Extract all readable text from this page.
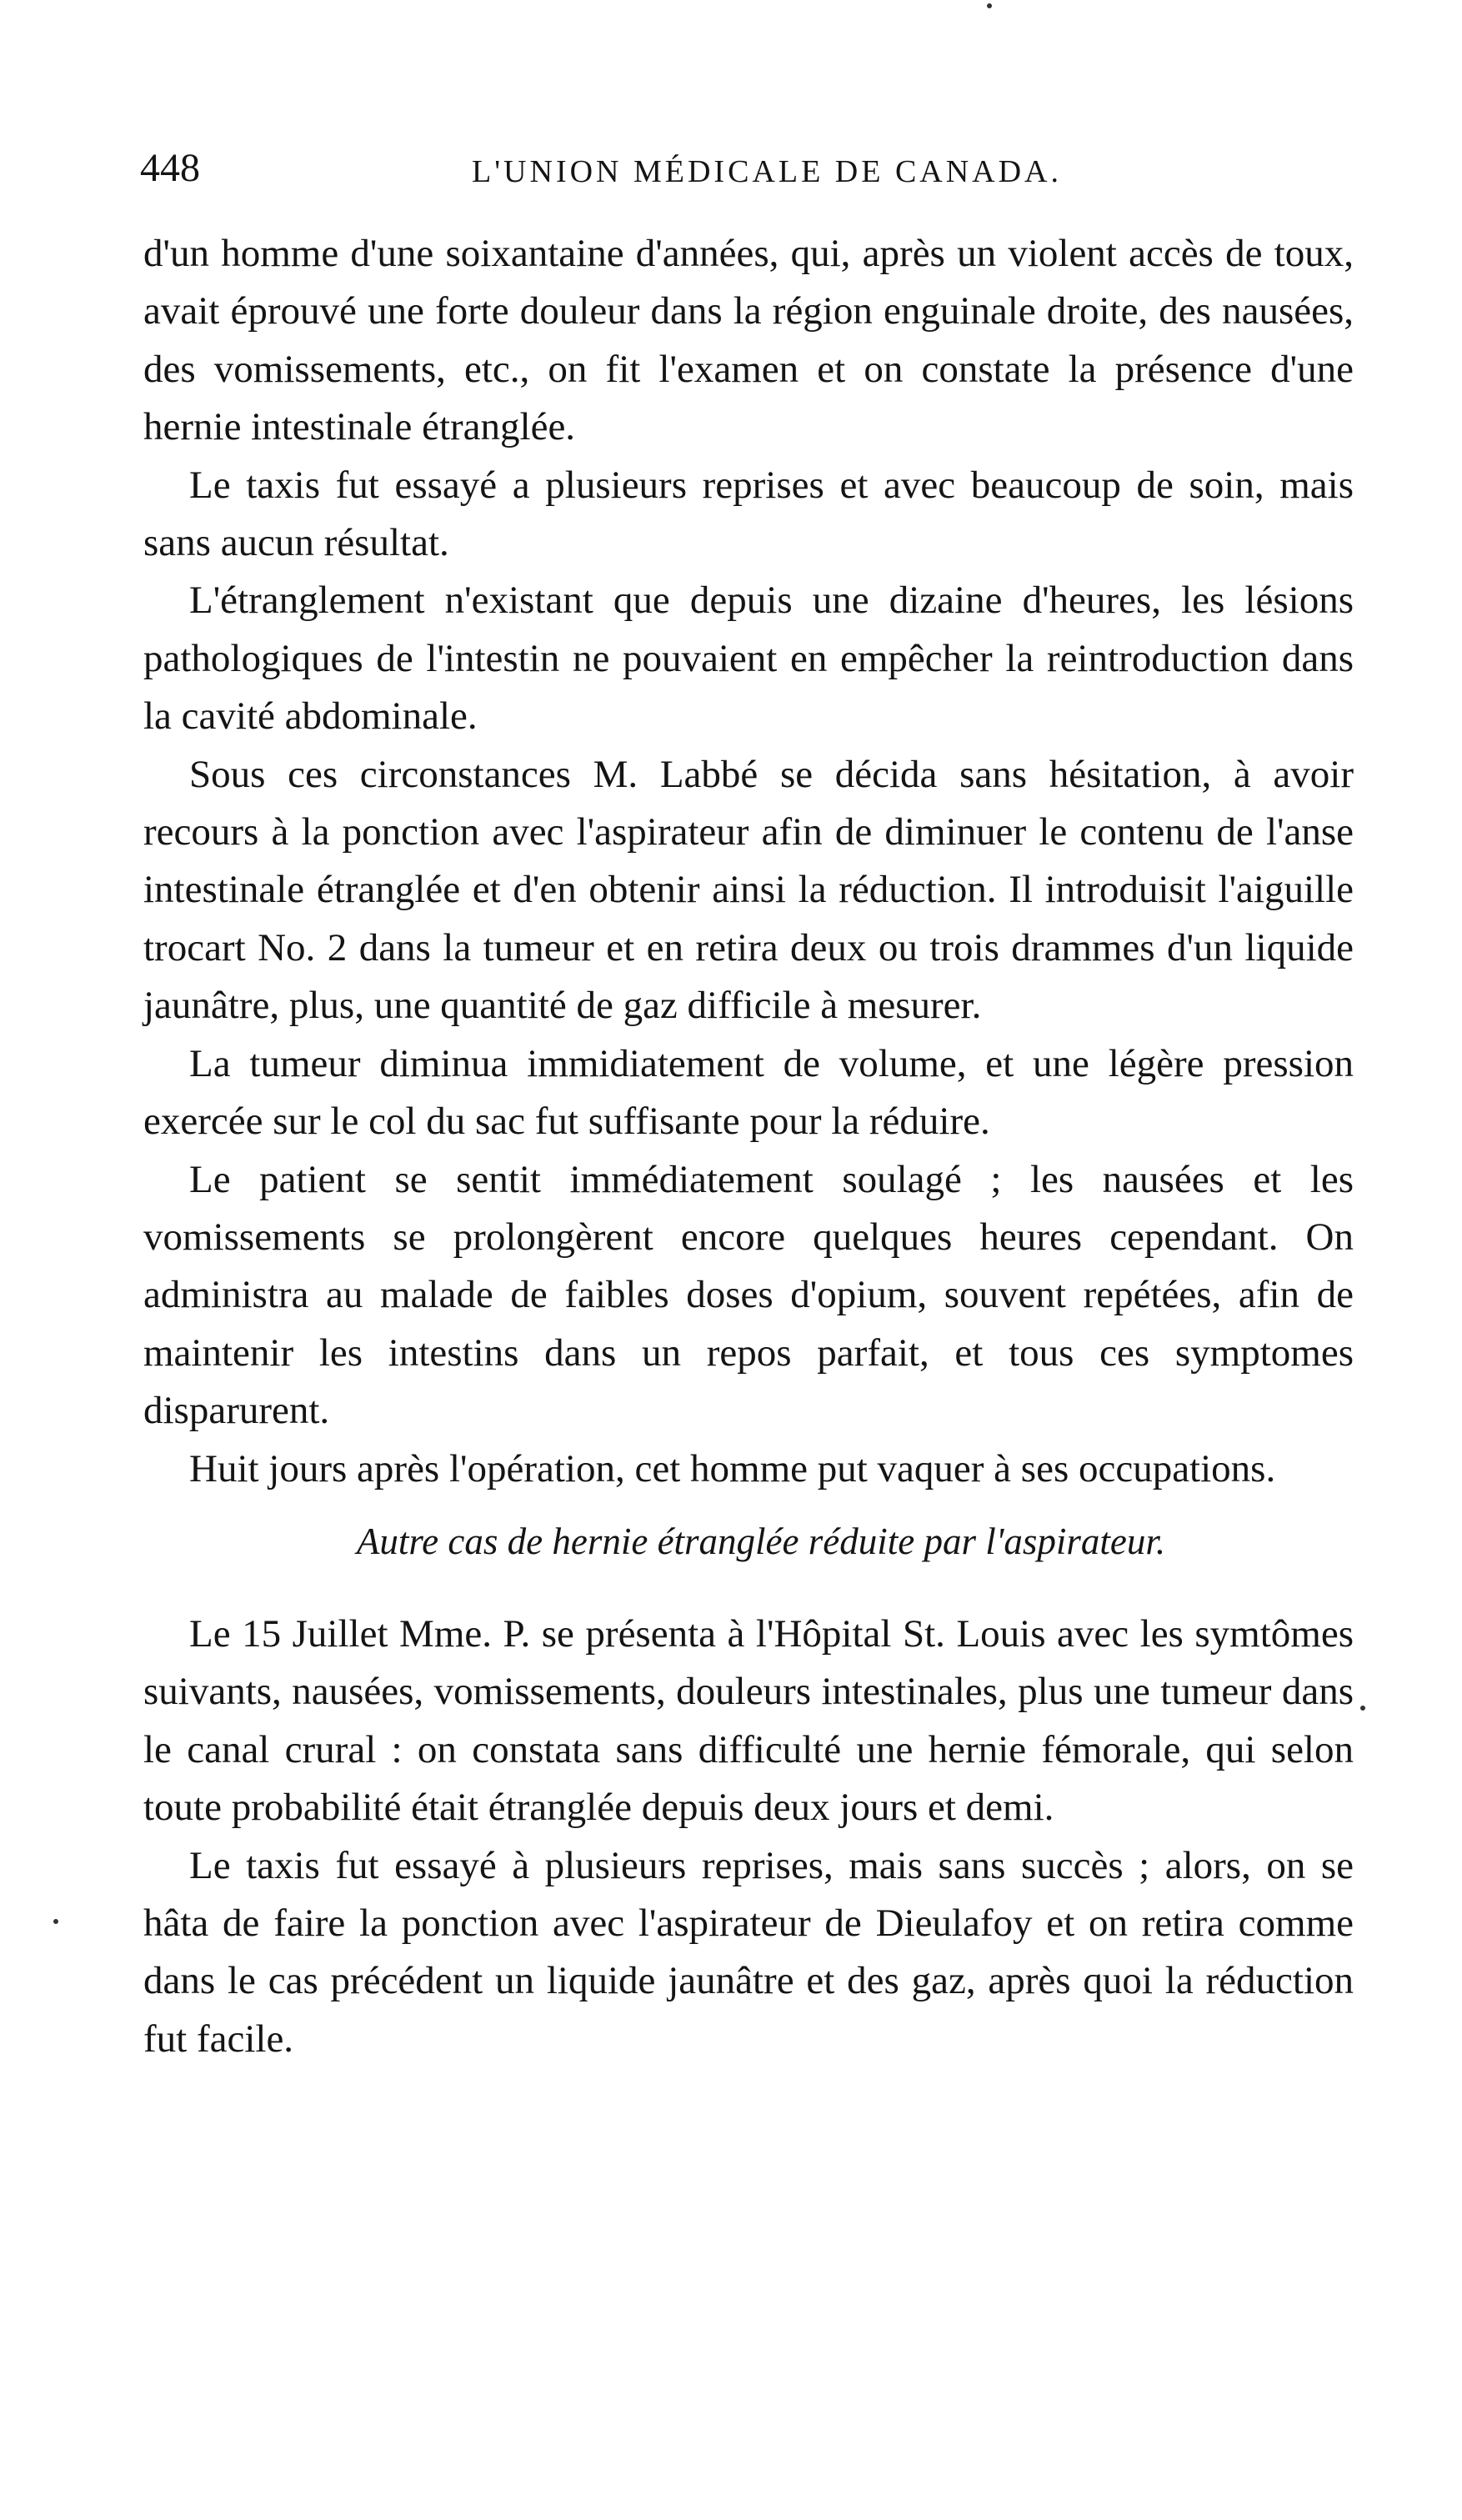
448	L'UNION MÉDICALE DE CANADA.

d'un homme d'une soixantaine d'années, qui, après un violent accès de toux, avait éprouvé une forte douleur dans la région enguinale droite, des nausées, des vomissements, etc., on fit l'examen et on constate la présence d'une hernie intestinale étranglée.

Le taxis fut essayé a plusieurs reprises et avec beaucoup de soin, mais sans aucun résultat.

L'étranglement n'existant que depuis une dizaine d'heures, les lésions pathologiques de l'intestin ne pouvaient en empêcher la reintroduction dans la cavité abdominale.

Sous ces circonstances M. Labbé se décida sans hésitation, à avoir recours à la ponction avec l'aspirateur afin de diminuer le contenu de l'anse intestinale étranglée et d'en obtenir ainsi la réduction. Il introduisit l'aiguille trocart No. 2 dans la tumeur et en retira deux ou trois drammes d'un liquide jaunâtre, plus, une quantité de gaz difficile à mesurer.

La tumeur diminua immidiatement de volume, et une légère pression exercée sur le col du sac fut suffisante pour la réduire.

Le patient se sentit immédiatement soulagé ; les nausées et les vomissements se prolongèrent encore quelques heures cependant. On administra au malade de faibles doses d'opium, souvent repétées, afin de maintenir les intestins dans un repos parfait, et tous ces symptomes disparurent.

Huit jours après l'opération, cet homme put vaquer à ses occupations.

Autre cas de hernie étranglée réduite par l'aspirateur.

Le 15 Juillet Mme. P. se présenta à l'Hôpital St. Louis avec les symtômes suivants, nausées, vomissements, douleurs intestinales, plus une tumeur dans le canal crural : on constata sans difficulté une hernie fémorale, qui selon toute probabilité était étranglée depuis deux jours et demi.

Le taxis fut essayé à plusieurs reprises, mais sans succès ; alors, on se hâta de faire la ponction avec l'aspirateur de Dieulafoy et on retira comme dans le cas précédent un liquide jaunâtre et des gaz, après quoi la réduction fut facile.
